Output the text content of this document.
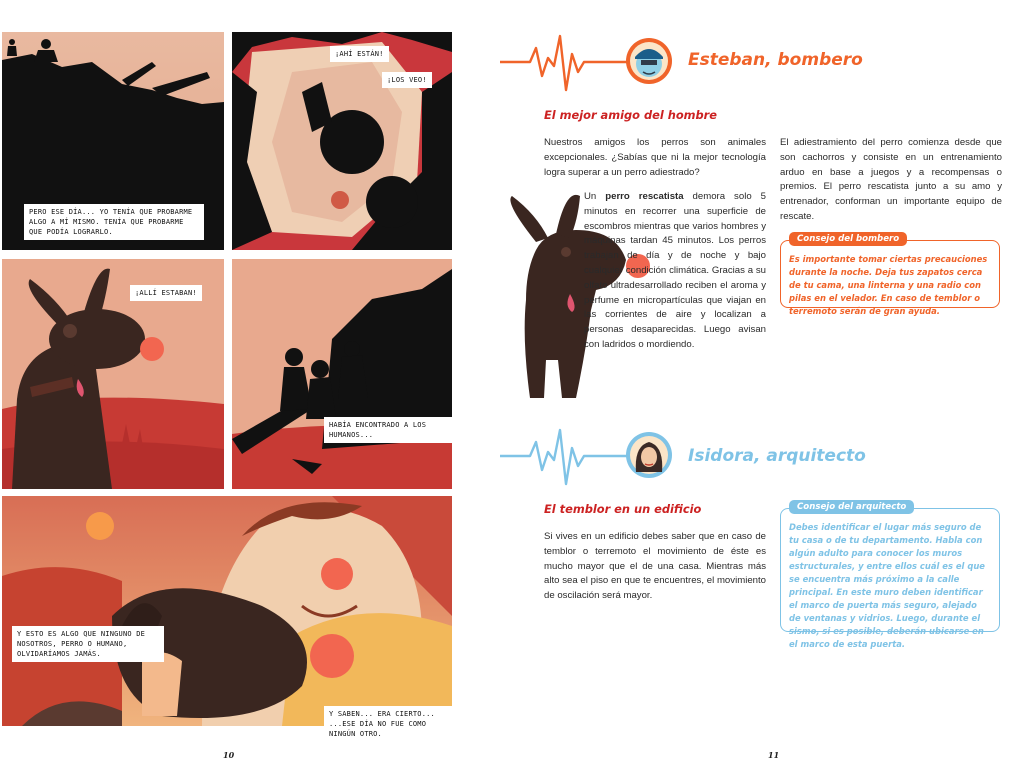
PERO ESE DÍA... YO TENÍA QUE PROBARME ALGO A MÍ MISMO. TENÍA QUE PROBARME QUE PODÍA LOGRARLO.
¡AHÍ ESTÁN!
¡LOS VEO!
¡ALLÍ ESTABAN!
HABÍA ENCONTRADO A LOS HUMANOS...
Y ESTO ES ALGO QUE NINGUNO DE NOSOTROS, PERRO O HUMANO, OLVIDARÍAMOS JAMÁS.
Y SABEN... ERA CIERTO... ...ESE DÍA NO FUE COMO NINGÚN OTRO.
10
Esteban, bombero
El mejor amigo del hombre
Nuestros amigos los perros son animales excepcionales. ¿Sabías que ni la mejor tecnología logra superar a un perro adiestrado?
Un perro rescatista demora solo 5 minutos en recorrer una superficie de escombros mientras que varios hombres y máquinas tardan 45 minutos. Los perros trabajan de día y de noche y bajo cualquier condición climática. Gracias a su olfato ultradesarrollado reciben el aroma y perfume en micropartículas que viajan en las corrientes de aire y localizan a personas desaparecidas. Luego avisan con ladridos o mordiendo.
El adiestramiento del perro comienza desde que son cachorros y consiste en un entrenamiento arduo en base a juegos y a recompensas o premios. El perro rescatista junto a su amo y entrenador, conforman un importante equipo de rescate.
Consejo del bombero
Es importante tomar ciertas precauciones durante la noche. Deja tus zapatos cerca de tu cama, una linterna y una radio con pilas en el velador. En caso de temblor o terremoto serán de gran ayuda.
Isidora, arquitecto
El temblor en un edificio
Si vives en un edificio debes saber que en caso de temblor o terremoto el movimiento de éste es mucho mayor que el de una casa. Mientras más alto sea el piso en que te encuentres, el movimiento de oscilación será mayor.
Consejo del arquitecto
Debes identificar el lugar más seguro de tu casa o de tu departamento. Habla con algún adulto para conocer los muros estructurales, y entre ellos cuál es el que se encuentra más próximo a la calle principal. En este muro deben identificar el marco de puerta más seguro, alejado de ventanas y vidrios. Luego, durante el sismo, si es posible, deberán ubicarse en el marco de esta puerta.
11
